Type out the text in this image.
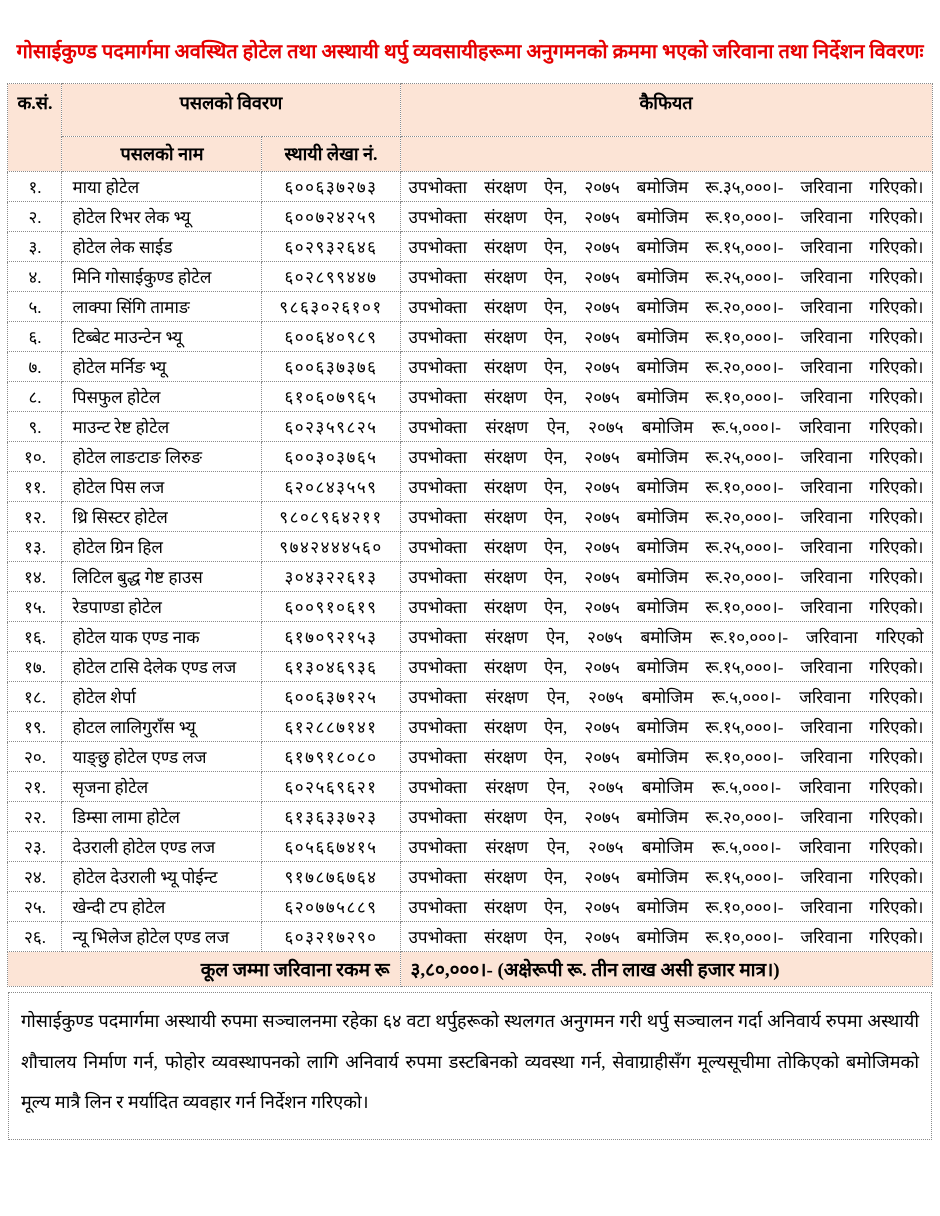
गोसाईकुण्ड पदमार्गमा अवस्थित होटेल तथा अस्थायी थर्पु व्यवसायीहरूमा अनुगमनको क्रममा भएको जरिवाना तथा निर्देशन विवरणः
क.सं.	पसलको विवरण		कैफियत
	पसलको नाम	स्थायी लेखा नं.	
१.	माया होटेल	६००६३७२७३	उपभोक्ता संरक्षण ऐन, २०७५ बमोजिम रू.३५,०००।- जरिवाना गरिएको।
२.	होटेल रिभर लेक भ्यू	६००७२४२५९	उपभोक्ता संरक्षण ऐन, २०७५ बमोजिम रू.१०,०००।- जरिवाना गरिएको।
३.	होटेल लेक साईड	६०२९३२६४६	उपभोक्ता संरक्षण ऐन, २०७५ बमोजिम रू.१५,०००।- जरिवाना गरिएको।
४.	मिनि गोसाईकुण्ड होटेल	६०२८९९४४७	उपभोक्ता संरक्षण ऐन, २०७५ बमोजिम रू.२५,०००।- जरिवाना गरिएको।
५.	लाक्पा सिंगि तामाङ	९८६३०२६१०१	उपभोक्ता संरक्षण ऐन, २०७५ बमोजिम रू.२०,०००।- जरिवाना गरिएको।
६.	टिब्बेट माउन्टेन भ्यू	६००६४०९८९	उपभोक्ता संरक्षण ऐन, २०७५ बमोजिम रू.१०,०००।- जरिवाना गरिएको।
७.	होटेल मर्निङ भ्यू	६००६३७३७६	उपभोक्ता संरक्षण ऐन, २०७५ बमोजिम रू.२०,०००।- जरिवाना गरिएको।
८.	पिसफुल होटेल	६१०६०७९६५	उपभोक्ता संरक्षण ऐन, २०७५ बमोजिम रू.१०,०००।- जरिवाना गरिएको।
९.	माउन्ट रेष्ट होटेल	६०२३५९८२५	उपभोक्ता संरक्षण ऐन, २०७५ बमोजिम रू.५,०००।- जरिवाना गरिएको।
१०.	होटेल लाङटाङ लिरुङ	६००३०३७६५	उपभोक्ता संरक्षण ऐन, २०७५ बमोजिम रू.२५,०००।- जरिवाना गरिएको।
११.	होटेल पिस लज	६२०८४३५५९	उपभोक्ता संरक्षण ऐन, २०७५ बमोजिम रू.१०,०००।- जरिवाना गरिएको।
१२.	थ्रि सिस्टर होटेल	९८०८९६४२११	उपभोक्ता संरक्षण ऐन, २०७५ बमोजिम रू.२०,०००।- जरिवाना गरिएको।
१३.	होटेल ग्रिन हिल	९७४२४४४५६०	उपभोक्ता संरक्षण ऐन, २०७५ बमोजिम रू.२५,०००।- जरिवाना गरिएको।
१४.	लिटिल बुद्ध गेष्ट हाउस	३०४३२२६१३	उपभोक्ता संरक्षण ऐन, २०७५ बमोजिम रू.२०,०००।- जरिवाना गरिएको।
१५.	रेडपाण्डा होटेल	६००९१०६१९	उपभोक्ता संरक्षण ऐन, २०७५ बमोजिम रू.१०,०००।- जरिवाना गरिएको।
१६.	होटेल याक एण्ड नाक	६१७०९२१५३	उपभोक्ता संरक्षण ऐन, २०७५ बमोजिम रू.१०,०००।- जरिवाना गरिएको
१७.	होटेल टासि देलेक एण्ड लज	६१३०४६९३६	उपभोक्ता संरक्षण ऐन, २०७५ बमोजिम रू.१५,०००।- जरिवाना गरिएको।
१८.	होटेल शेर्पा	६००६३७१२५	उपभोक्ता संरक्षण ऐन, २०७५ बमोजिम रू.५,०००।- जरिवाना गरिएको।
१९.	होटल लालिगुराँस भ्यू	६१२८८७१४१	उपभोक्ता संरक्षण ऐन, २०७५ बमोजिम रू.१५,०००।- जरिवाना गरिएको।
२०.	याङ्छु होटेल एण्ड लज	६१७९१८०८०	उपभोक्ता संरक्षण ऐन, २०७५ बमोजिम रू.१०,०००।- जरिवाना गरिएको।
२१.	सृजना होटेल	६०२५६९६२१	उपभोक्ता संरक्षण ऐन, २०७५ बमोजिम रू.५,०००।- जरिवाना गरिएको।
२२.	डिम्सा लामा होटेल	६१३६३३७२३	उपभोक्ता संरक्षण ऐन, २०७५ बमोजिम रू.२०,०००।- जरिवाना गरिएको।
२३.	देउराली होटेल एण्ड लज	६०५६६७४१५	उपभोक्ता संरक्षण ऐन, २०७५ बमोजिम रू.५,०००।- जरिवाना गरिएको।
२४.	होटेल देउराली भ्यू पोईन्ट	९१७८७६७६४	उपभोक्ता संरक्षण ऐन, २०७५ बमोजिम रू.१५,०००।- जरिवाना गरिएको।
२५.	खेन्दी टप होटेल	६२०७७५८८९	उपभोक्ता संरक्षण ऐन, २०७५ बमोजिम रू.१०,०००।- जरिवाना गरिएको।
२६.	न्यू भिलेज होटेल एण्ड लज	६०३२१७२९०	उपभोक्ता संरक्षण ऐन, २०७५ बमोजिम रू.१०,०००।- जरिवाना गरिएको।
कूल जम्मा जरिवाना रकम रू			३,८०,०००।- (अक्षेरूपी रू. तीन लाख असी हजार मात्र।)
गोसाईकुण्ड पदमार्गमा अस्थायी रुपमा सञ्चालनमा रहेका ६४ वटा थर्पुहरूको स्थलगत अनुगमन गरी थर्पु सञ्चालन गर्दा अनिवार्य रुपमा अस्थायी शौचालय निर्माण गर्न, फोहोर व्यवस्थापनको लागि अनिवार्य रुपमा डस्टबिनको व्यवस्था गर्न, सेवाग्राहीसँग मूल्यसूचीमा तोकिएको बमोजिमको मूल्य मात्रै लिन र मर्यादित व्यवहार गर्न निर्देशन गरिएको।
